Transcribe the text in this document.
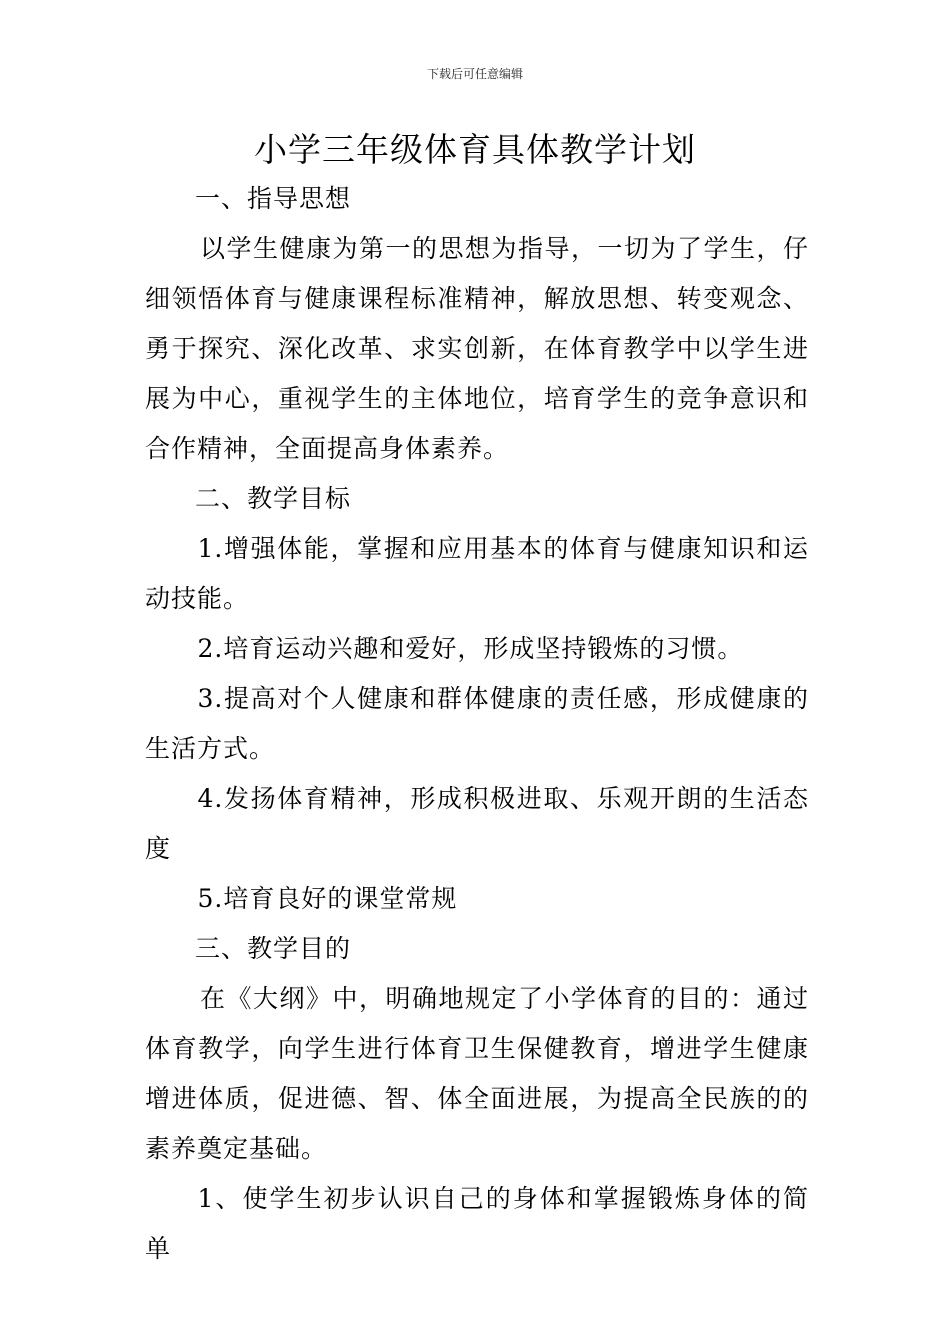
下载后可任意编辑
小学三年级体育具体教学计划

一、指导思想

以学生健康为第一的思想为指导，一切为了学生，仔细领悟体育与健康课程标准精神，解放思想、转变观念、勇于探究、深化改革、求实创新，在体育教学中以学生进展为中心，重视学生的主体地位，培育学生的竞争意识和合作精神，全面提高身体素养。

二、教学目标

1.增强体能，掌握和应用基本的体育与健康知识和运动技能。

2.培育运动兴趣和爱好，形成坚持锻炼的习惯。

3.提高对个人健康和群体健康的责任感，形成健康的生活方式。

4.发扬体育精神，形成积极进取、乐观开朗的生活态度

5.培育良好的课堂常规

三、教学目的

在《大纲》中，明确地规定了小学体育的目的：通过体育教学，向学生进行体育卫生保健教育，增进学生健康增进体质，促进德、智、体全面进展，为提高全民族的的素养奠定基础。

1、使学生初步认识自己的身体和掌握锻炼身体的简单
